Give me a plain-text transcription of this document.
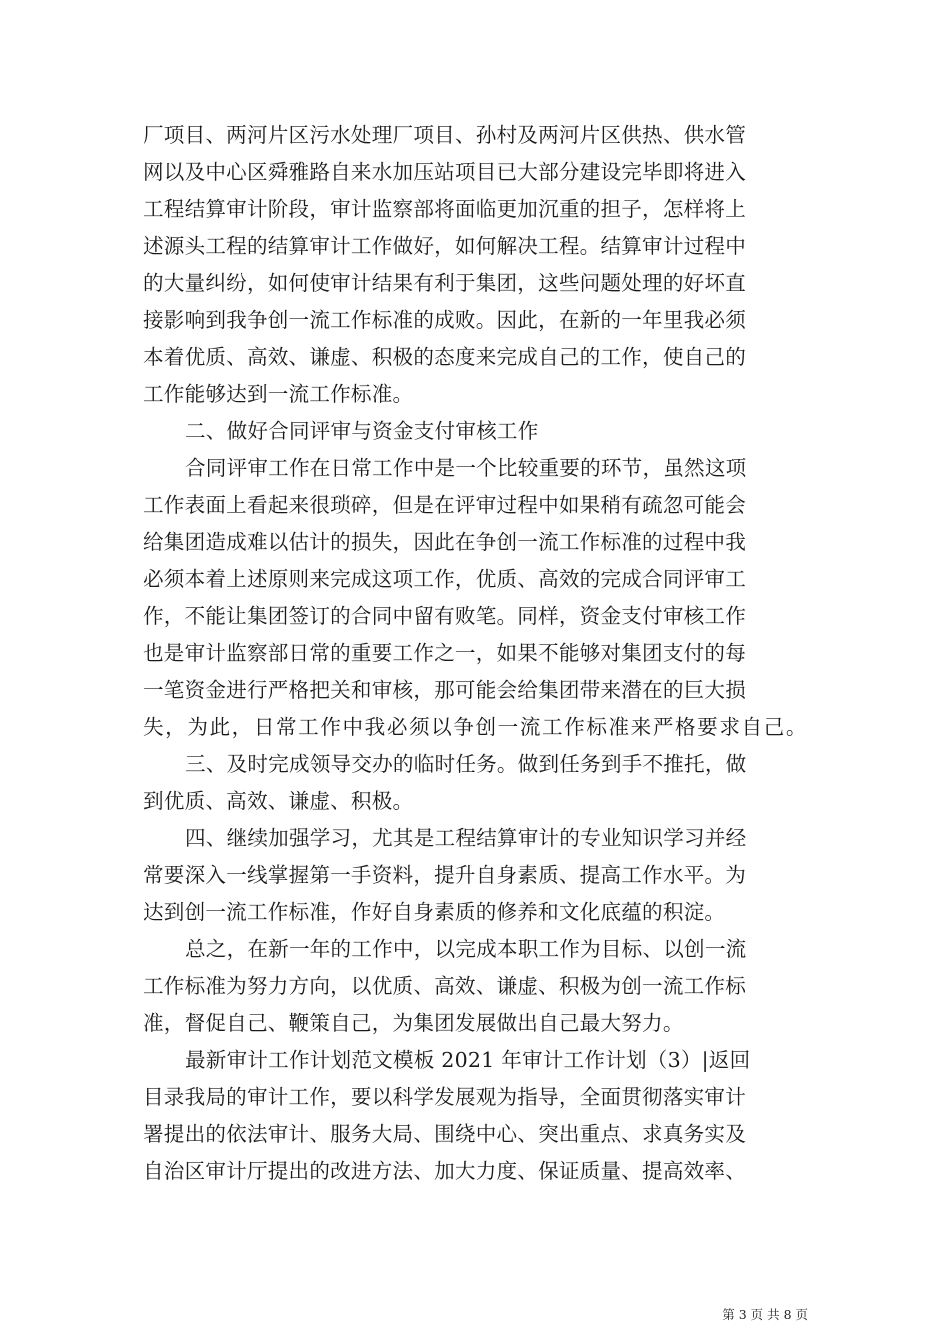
厂项目、两河片区污水处理厂项目、孙村及两河片区供热、供水管
网以及中心区舜雅路自来水加压站项目已大部分建设完毕即将进入
工程结算审计阶段，审计监察部将面临更加沉重的担子，怎样将上
述源头工程的结算审计工作做好，如何解决工程。结算审计过程中
的大量纠纷，如何使审计结果有利于集团，这些问题处理的好坏直
接影响到我争创一流工作标准的成败。因此，在新的一年里我必须
本着优质、高效、谦虚、积极的态度来完成自己的工作，使自己的
工作能够达到一流工作标准。
二、做好合同评审与资金支付审核工作
合同评审工作在日常工作中是一个比较重要的环节，虽然这项
工作表面上看起来很琐碎，但是在评审过程中如果稍有疏忽可能会
给集团造成难以估计的损失，因此在争创一流工作标准的过程中我
必须本着上述原则来完成这项工作，优质、高效的完成合同评审工
作，不能让集团签订的合同中留有败笔。同样，资金支付审核工作
也是审计监察部日常的重要工作之一，如果不能够对集团支付的每
一笔资金进行严格把关和审核，那可能会给集团带来潜在的巨大损
失，为此，日常工作中我必须以争创一流工作标准来严格要求自己。
三、及时完成领导交办的临时任务。做到任务到手不推托，做
到优质、高效、谦虚、积极。
四、继续加强学习，尤其是工程结算审计的专业知识学习并经
常要深入一线掌握第一手资料，提升自身素质、提高工作水平。为
达到创一流工作标准，作好自身素质的修养和文化底蕴的积淀。
总之，在新一年的工作中，以完成本职工作为目标、以创一流
工作标准为努力方向，以优质、高效、谦虚、积极为创一流工作标
准，督促自己、鞭策自己，为集团发展做出自己最大努力。
最新审计工作计划范文模板 2021 年审计工作计划（3）|返回
目录我局的审计工作，要以科学发展观为指导，全面贯彻落实审计
署提出的依法审计、服务大局、围绕中心、突出重点、求真务实及
自治区审计厅提出的改进方法、加大力度、保证质量、提高效率、
第 3 页 共 8 页
